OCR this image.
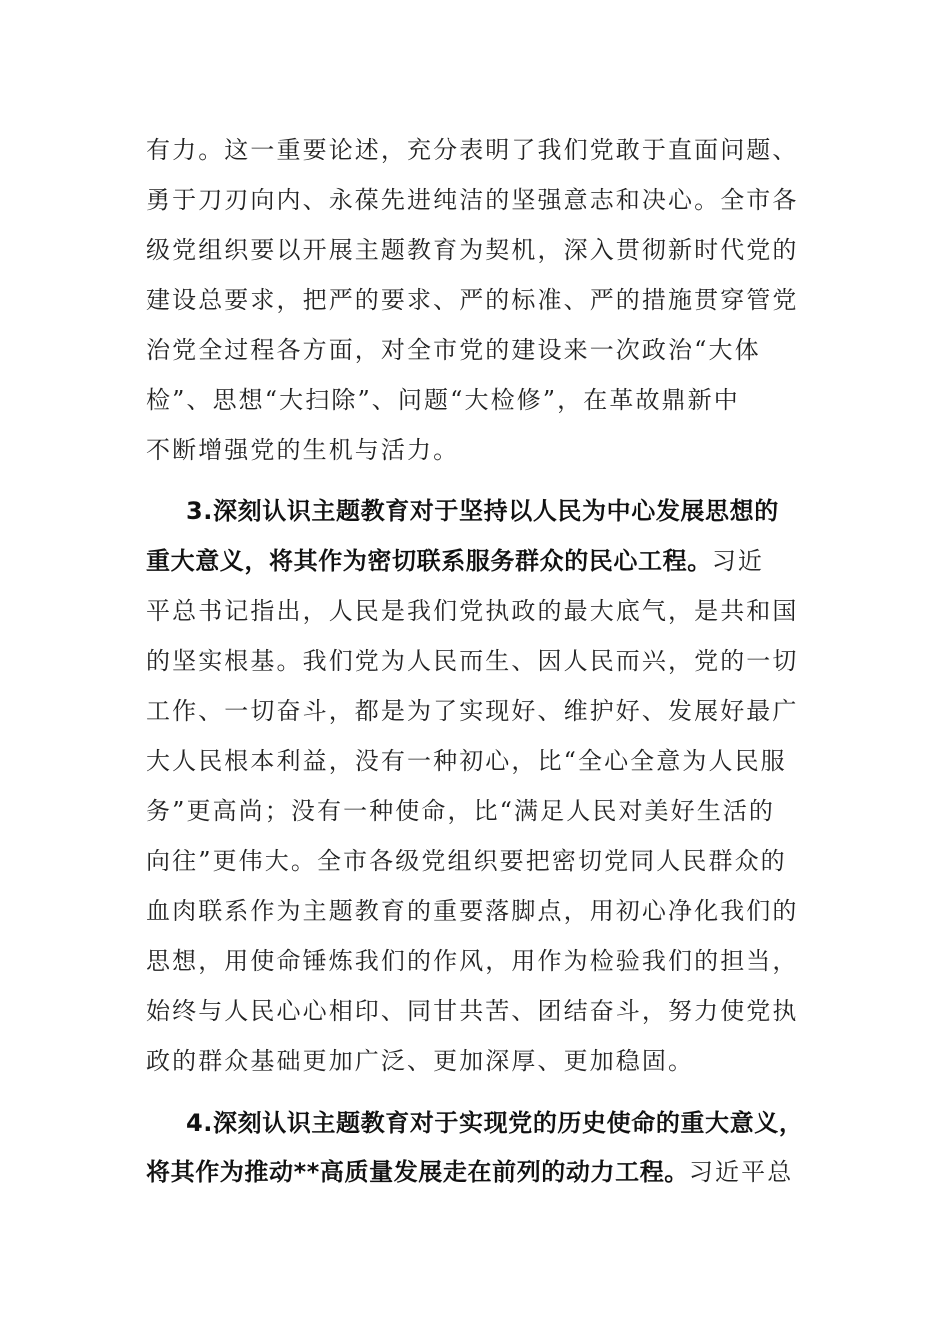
有力。这一重要论述，充分表明了我们党敢于直面问题、
勇于刀刃向内、永葆先进纯洁的坚强意志和决心。全市各
级党组织要以开展主题教育为契机，深入贯彻新时代党的
建设总要求，把严的要求、严的标准、严的措施贯穿管党
治党全过程各方面，对全市党的建设来一次政治“大体
检”、思想“大扫除”、问题“大检修”，在革故鼎新中
不断增强党的生机与活力。
3.深刻认识主题教育对于坚持以人民为中心发展思想的
重大意义，将其作为密切联系服务群众的民心工程。习近
平总书记指出，人民是我们党执政的最大底气，是共和国
的坚实根基。我们党为人民而生、因人民而兴，党的一切
工作、一切奋斗，都是为了实现好、维护好、发展好最广
大人民根本利益，没有一种初心，比“全心全意为人民服
务”更高尚；没有一种使命，比“满足人民对美好生活的
向往”更伟大。全市各级党组织要把密切党同人民群众的
血肉联系作为主题教育的重要落脚点，用初心净化我们的
思想，用使命锤炼我们的作风，用作为检验我们的担当，
始终与人民心心相印、同甘共苦、团结奋斗，努力使党执
政的群众基础更加广泛、更加深厚、更加稳固。
4.深刻认识主题教育对于实现党的历史使命的重大意义，
将其作为推动**高质量发展走在前列的动力工程。习近平总
